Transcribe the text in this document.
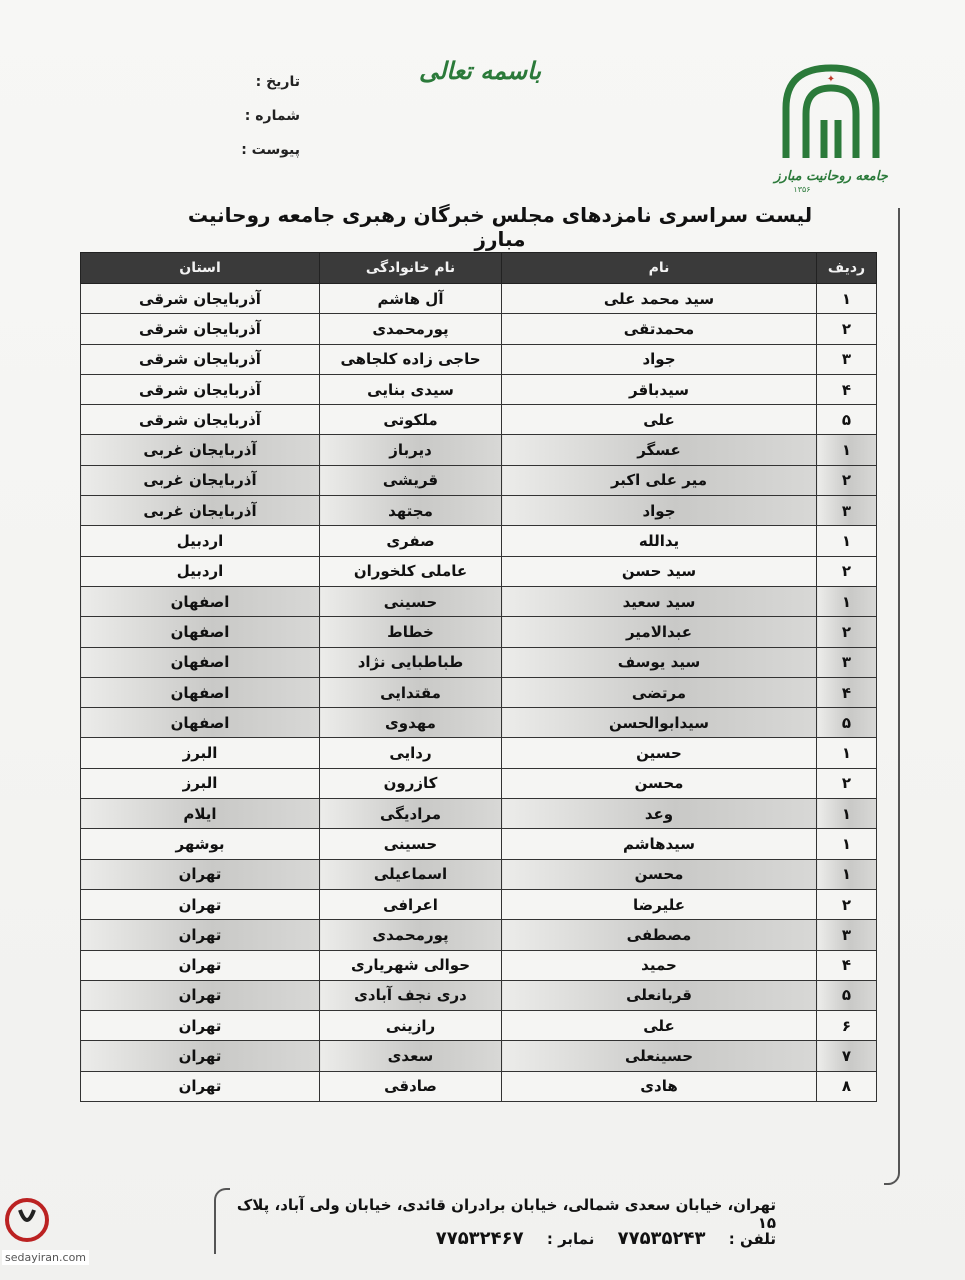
✦
جامعه روحانیت مبارز
۱۳۵۶
باسمه تعالی
تاریخ :
شماره :
پیوست :
لیست سراسری نامزدهای مجلس خبرگان رهبری جامعه روحانیت مبارز
ردیف	نام	نام خانوادگی	استان
۱	سید محمد علی	آل هاشم	آذربایجان شرقی
۲	محمدتقی	پورمحمدی	آذربایجان شرقی
۳	جواد	حاجی زاده کلجاهی	آذربایجان شرقی
۴	سیدباقر	سیدی بنایی	آذربایجان شرقی
۵	علی	ملکوتی	آذربایجان شرقی
۱	عسگر	دیرباز	آذربایجان غربی
۲	میر علی اکبر	قریشی	آذربایجان غربی
۳	جواد	مجتهد	آذربایجان غربی
۱	یدالله	صفری	اردبیل
۲	سید حسن	عاملی کلخوران	اردبیل
۱	سید سعید	حسینی	اصفهان
۲	عبدالامیر	خطاط	اصفهان
۳	سید یوسف	طباطبایی نژاد	اصفهان
۴	مرتضی	مقتدایی	اصفهان
۵	سیدابوالحسن	مهدوی	اصفهان
۱	حسین	ردایی	البرز
۲	محسن	کازرون	البرز
۱	وعد	مرادیگی	ایلام
۱	سیدهاشم	حسینی	بوشهر
۱	محسن	اسماعیلی	تهران
۲	علیرضا	اعرافی	تهران
۳	مصطفی	پورمحمدی	تهران
۴	حمید	حوالی شهریاری	تهران
۵	قربانعلی	دری نجف آبادی	تهران
۶	علی	رازینی	تهران
۷	حسینعلی	سعدی	تهران
۸	هادی	صادقی	تهران
تهران، خیابان سعدی شمالی، خیابان برادران قائدی، خیابان ولی آباد، پلاک ۱۵
تلفن : ۷۷۵۳۵۲۴۳ نمابر : ۷۷۵۳۲۴۶۷
sedayiran.com
